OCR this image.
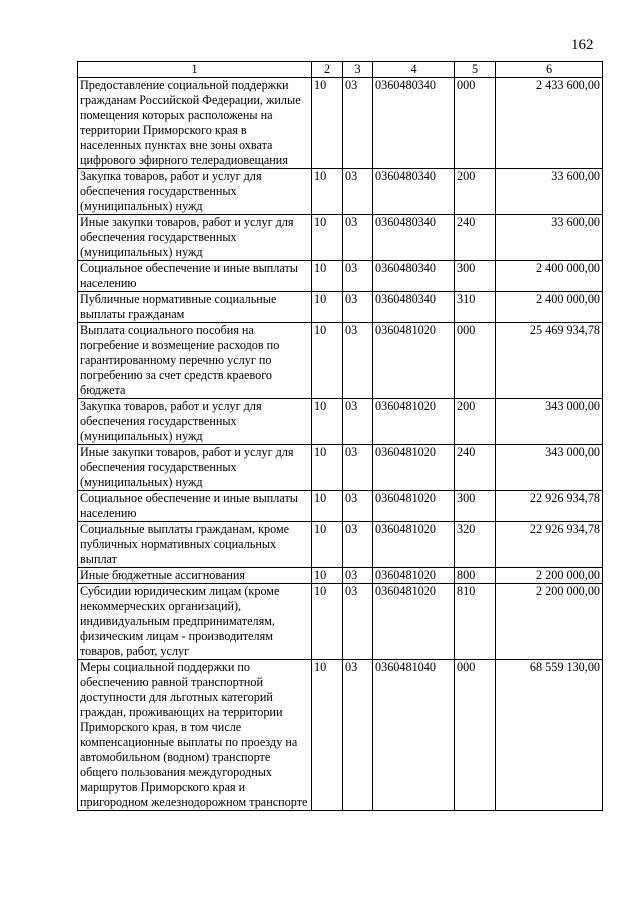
162
1	2	3	4	5	6
Предоставление социальной поддержки гражданам Российской Федерации, жилые помещения которых расположены на территории Приморского края в населенных пунктах вне зоны охвата цифрового эфирного телерадиовещания	10	03	0360480340	000	2 433 600,00
Закупка товаров, работ и услуг для обеспечения государственных (муниципальных) нужд	10	03	0360480340	200	33 600,00
Иные закупки товаров, работ и услуг для обеспечения государственных (муниципальных) нужд	10	03	0360480340	240	33 600,00
Социальное обеспечение и иные выплаты населению	10	03	0360480340	300	2 400 000,00
Публичные нормативные социальные выплаты гражданам	10	03	0360480340	310	2 400 000,00
Выплата социального пособия на погребение и возмещение расходов по гарантированному перечню услуг по погребению за счет средств краевого бюджета	10	03	0360481020	000	25 469 934,78
Закупка товаров, работ и услуг для обеспечения государственных (муниципальных) нужд	10	03	0360481020	200	343 000,00
Иные закупки товаров, работ и услуг для обеспечения государственных (муниципальных) нужд	10	03	0360481020	240	343 000,00
Социальное обеспечение и иные выплаты населению	10	03	0360481020	300	22 926 934,78
Социальные выплаты гражданам, кроме публичных нормативных социальных выплат	10	03	0360481020	320	22 926 934,78
Иные бюджетные ассигнования	10	03	0360481020	800	2 200 000,00
Субсидии юридическим лицам (кроме некоммерческих организаций), индивидуальным предпринимателям, физическим лицам - производителям товаров, работ, услуг	10	03	0360481020	810	2 200 000,00
Меры социальной поддержки по обеспечению равной транспортной доступности для льготных категорий граждан, проживающих на территории Приморского края, в том числе компенсационные выплаты по проезду на автомобильном (водном) транспорте общего пользования междугородных маршрутов Приморского края и пригородном железнодорожном транспорте	10	03	0360481040	000	68 559 130,00
